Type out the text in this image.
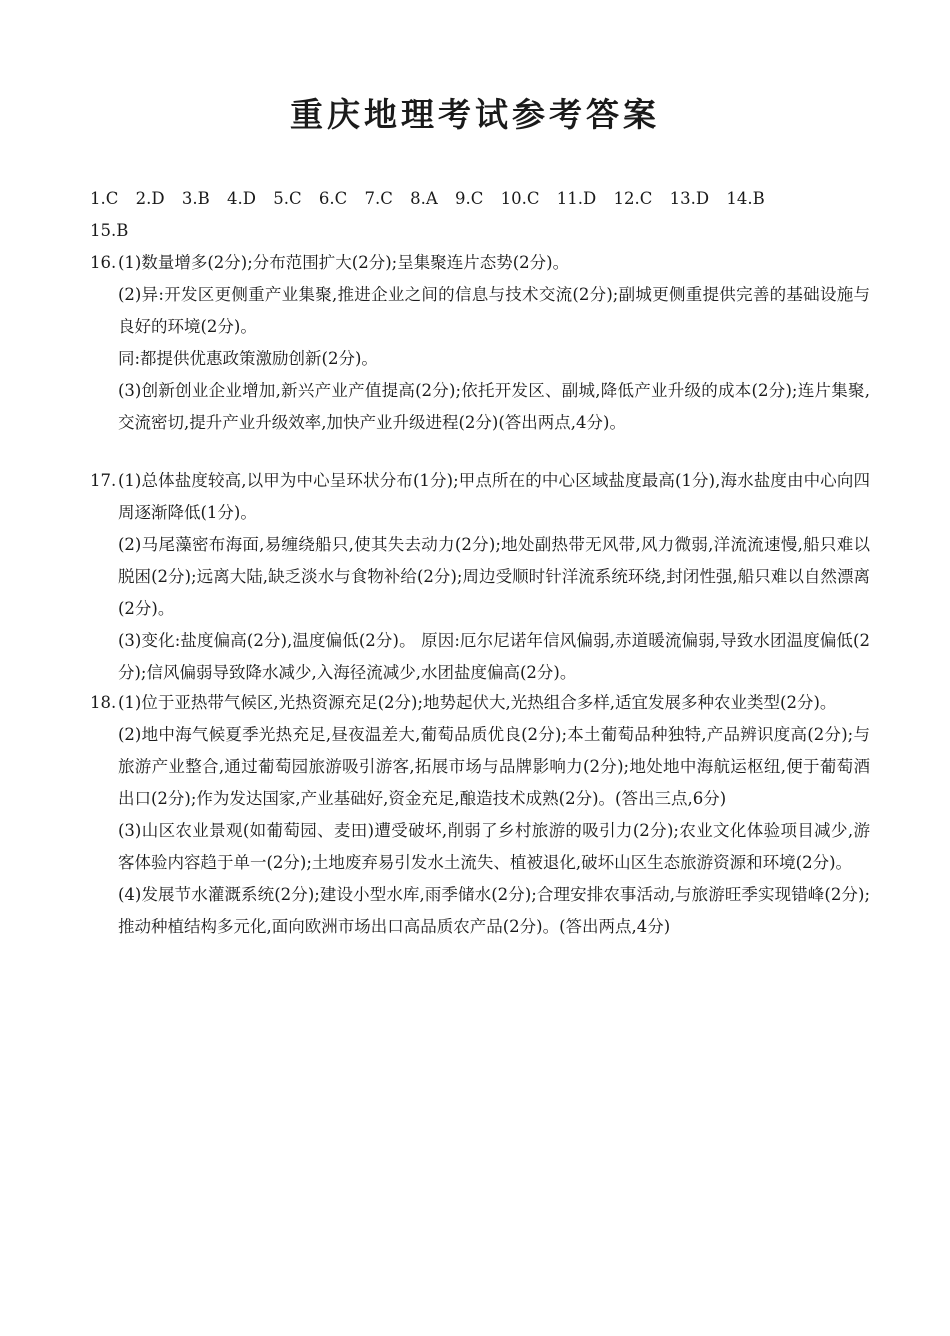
重庆地理考试参考答案
1.C 2.D 3.B 4.D 5.C 6.C 7.C 8.A 9.C 10.C 11.D 12.C 13.D 14.B
15.B
16. (1)数量增多(2分);分布范围扩大(2分);呈集聚连片态势(2分)。
(2)异:开发区更侧重产业集聚,推进企业之间的信息与技术交流(2分);副城更侧重提供完善的基础设施与良好的环境(2分)。
同:都提供优惠政策激励创新(2分)。
(3)创新创业企业增加,新兴产业产值提高(2分);依托开发区、副城,降低产业升级的成本(2分);连片集聚,交流密切,提升产业升级效率,加快产业升级进程(2分)(答出两点,4分)。
17. (1)总体盐度较高,以甲为中心呈环状分布(1分);甲点所在的中心区域盐度最高(1分),海水盐度由中心向四周逐渐降低(1分)。
(2)马尾藻密布海面,易缠绕船只,使其失去动力(2分);地处副热带无风带,风力微弱,洋流流速慢,船只难以脱困(2分);远离大陆,缺乏淡水与食物补给(2分);周边受顺时针洋流系统环绕,封闭性强,船只难以自然漂离(2分)。
(3)变化:盐度偏高(2分),温度偏低(2分)。 原因:厄尔尼诺年信风偏弱,赤道暖流偏弱,导致水团温度偏低(2分);信风偏弱导致降水减少,入海径流减少,水团盐度偏高(2分)。
18. (1)位于亚热带气候区,光热资源充足(2分);地势起伏大,光热组合多样,适宜发展多种农业类型(2分)。
(2)地中海气候夏季光热充足,昼夜温差大,葡萄品质优良(2分);本土葡萄品种独特,产品辨识度高(2分);与旅游产业整合,通过葡萄园旅游吸引游客,拓展市场与品牌影响力(2分);地处地中海航运枢纽,便于葡萄酒出口(2分);作为发达国家,产业基础好,资金充足,酿造技术成熟(2分)。(答出三点,6分)
(3)山区农业景观(如葡萄园、麦田)遭受破坏,削弱了乡村旅游的吸引力(2分);农业文化体验项目减少,游客体验内容趋于单一(2分);土地废弃易引发水土流失、植被退化,破坏山区生态旅游资源和环境(2分)。
(4)发展节水灌溉系统(2分);建设小型水库,雨季储水(2分);合理安排农事活动,与旅游旺季实现错峰(2分);推动种植结构多元化,面向欧洲市场出口高品质农产品(2分)。(答出两点,4分)
